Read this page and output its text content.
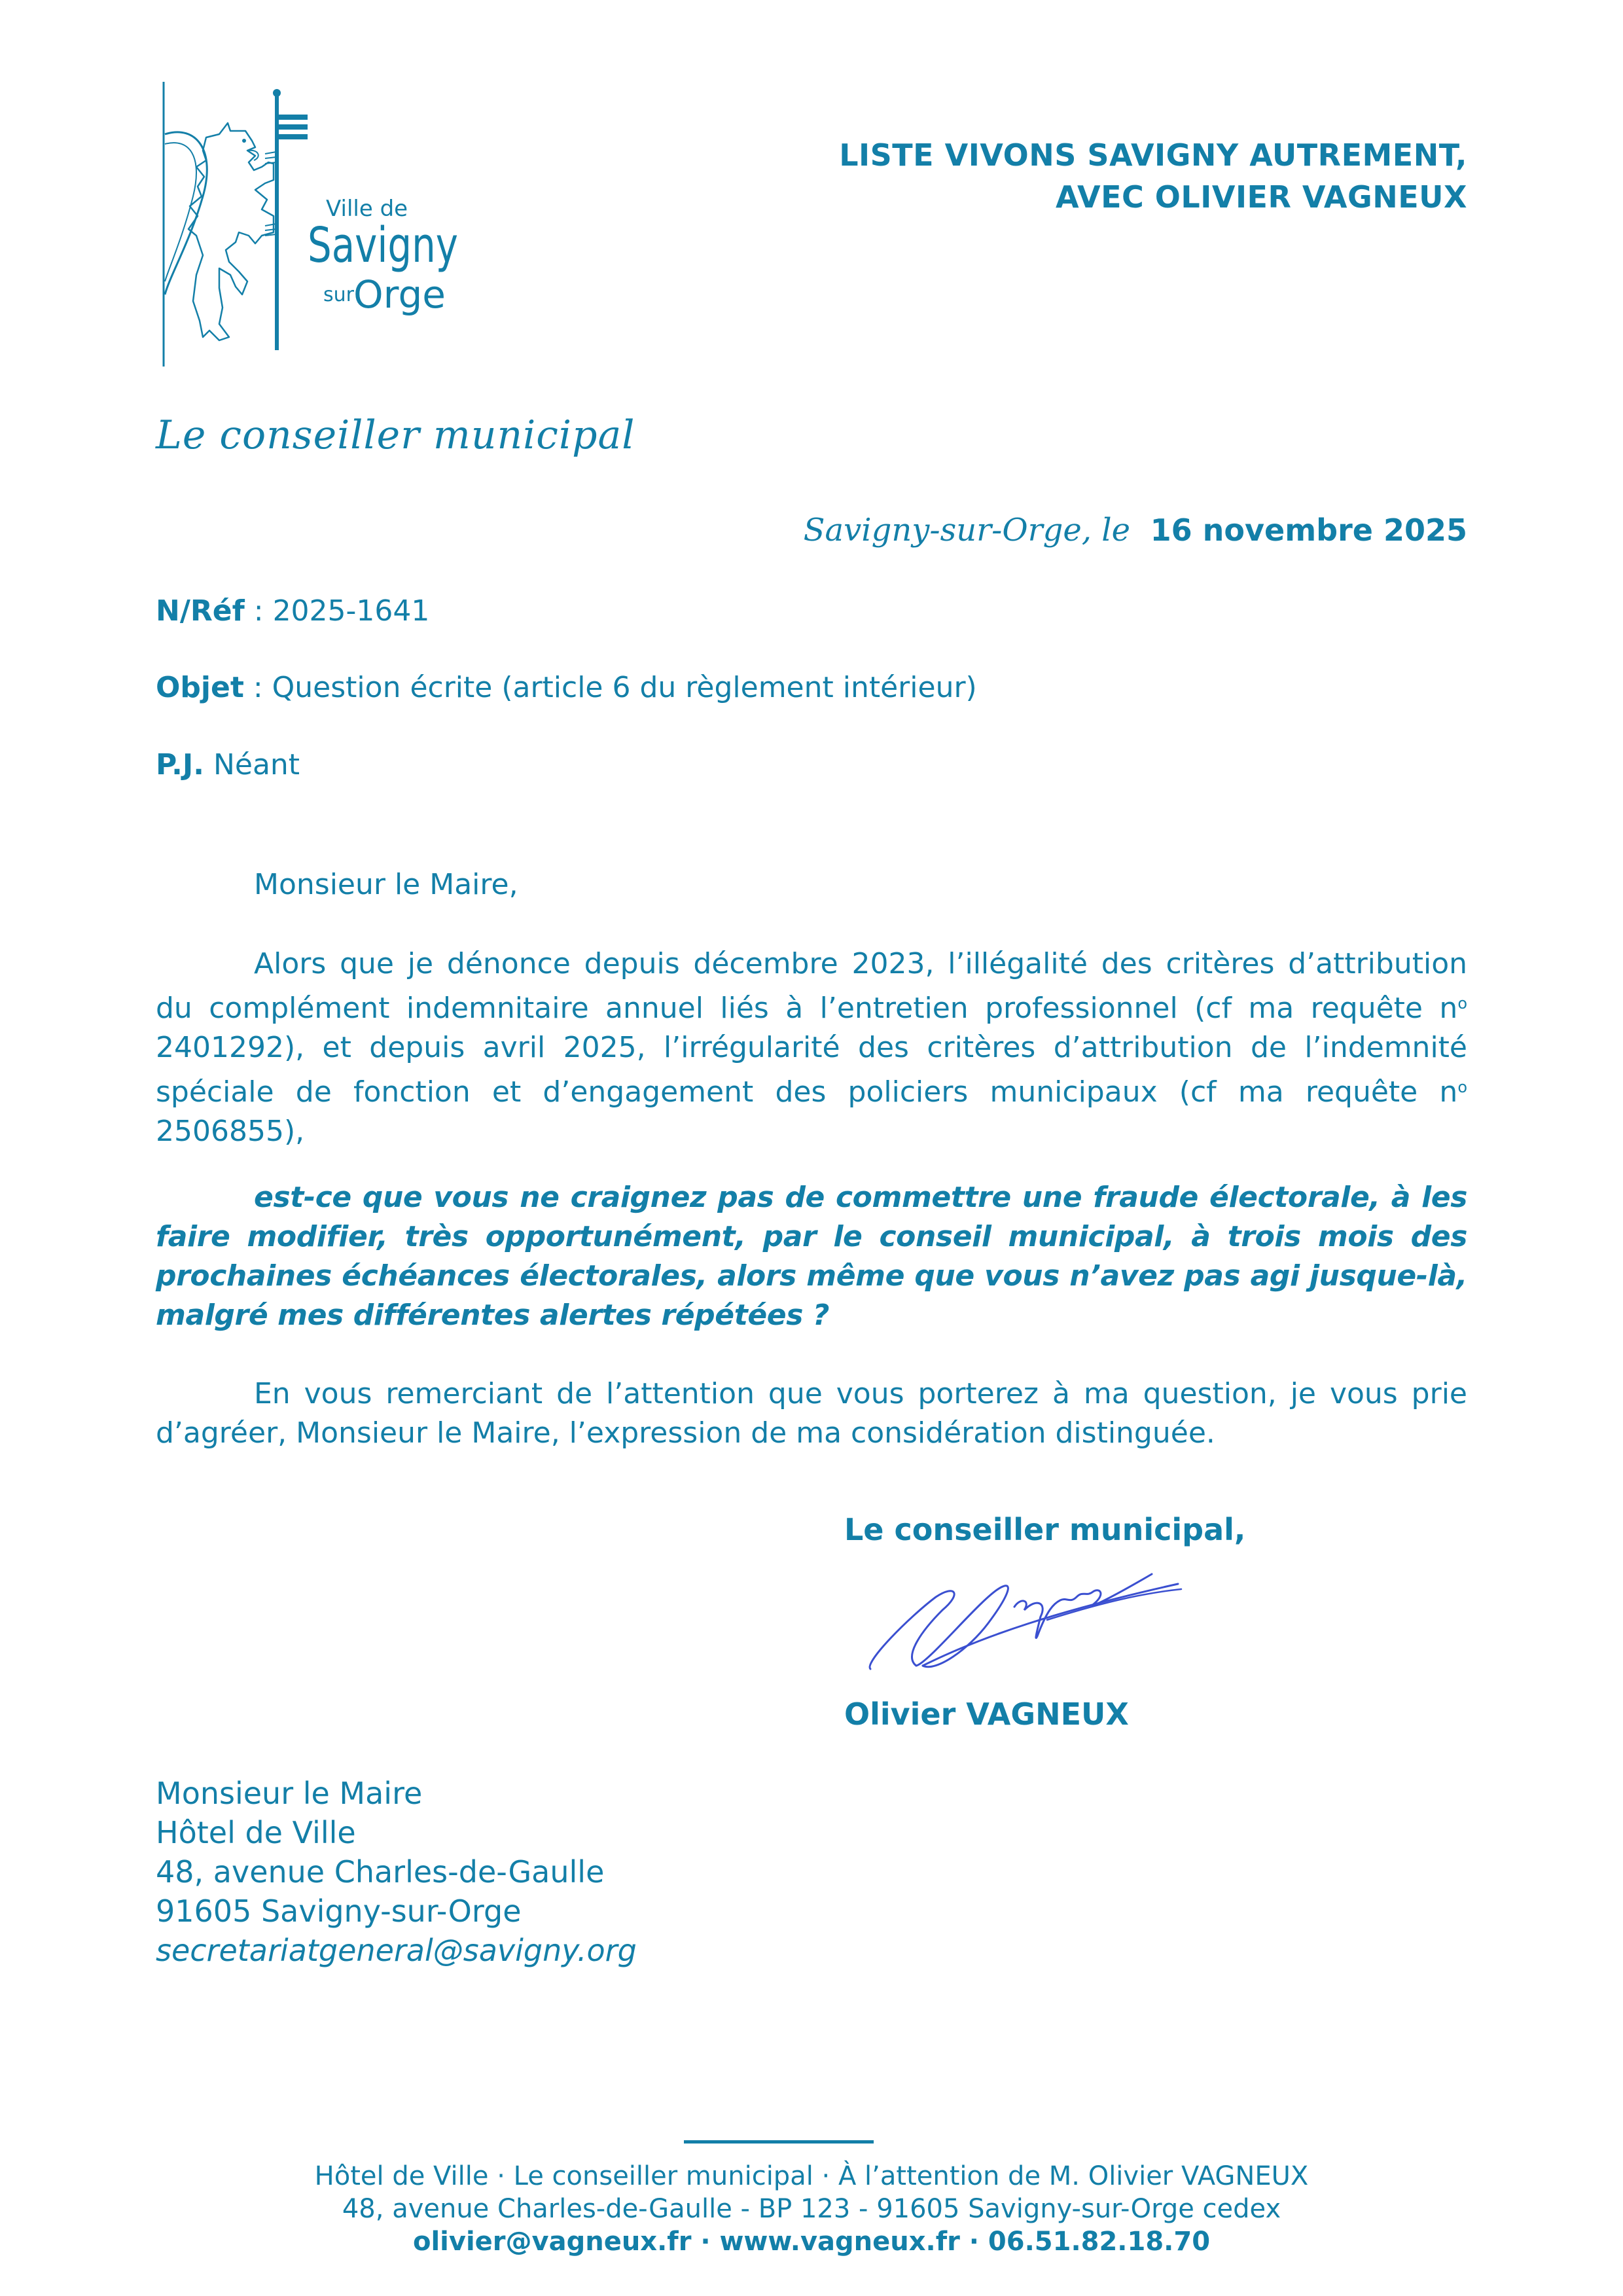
Ville de
Savigny
sur Orge
LISTE VIVONS SAVIGNY AUTREMENT,
AVEC OLIVIER VAGNEUX
Le conseiller municipal
Savigny-sur-Orge, le 16 novembre 2025
N/Réf : 2025-1641
Objet : Question écrite (article 6 du règlement intérieur)
P.J. Néant
Monsieur le Maire,
Alors que je dénonce depuis décembre 2023, l’illégalité des critères d’attribution du complément indemnitaire annuel liés à l’entretien professionnel (cf ma requête $n^o$ 2401292), et depuis avril 2025, l’irrégularité des critères d’attribution de l’indemnité spéciale de fonction et d’engagement des policiers municipaux (cf ma requête $n^o$ 2506855),
est-ce que vous ne craignez pas de commettre une fraude électorale, à les faire modifier, très opportunément, par le conseil municipal, à trois mois des prochaines échéances électorales, alors même que vous n’avez pas agi jusque-là, malgré mes différentes alertes répétées ?
En vous remerciant de l’attention que vous porterez à ma question, je vous prie d’agréer, Monsieur le Maire, l’expression de ma considération distinguée.
Le conseiller municipal,
Olivier VAGNEUX
Monsieur le Maire
Hôtel de Ville
48, avenue Charles-de-Gaulle
91605 Savigny-sur-Orge
secretariatgeneral@savigny.org
Hôtel de Ville · Le conseiller municipal · À l’attention de M. Olivier VAGNEUX
48, avenue Charles-de-Gaulle - BP 123 - 91605 Savigny-sur-Orge cedex
olivier@vagneux.fr · www.vagneux.fr · 06.51.82.18.70
